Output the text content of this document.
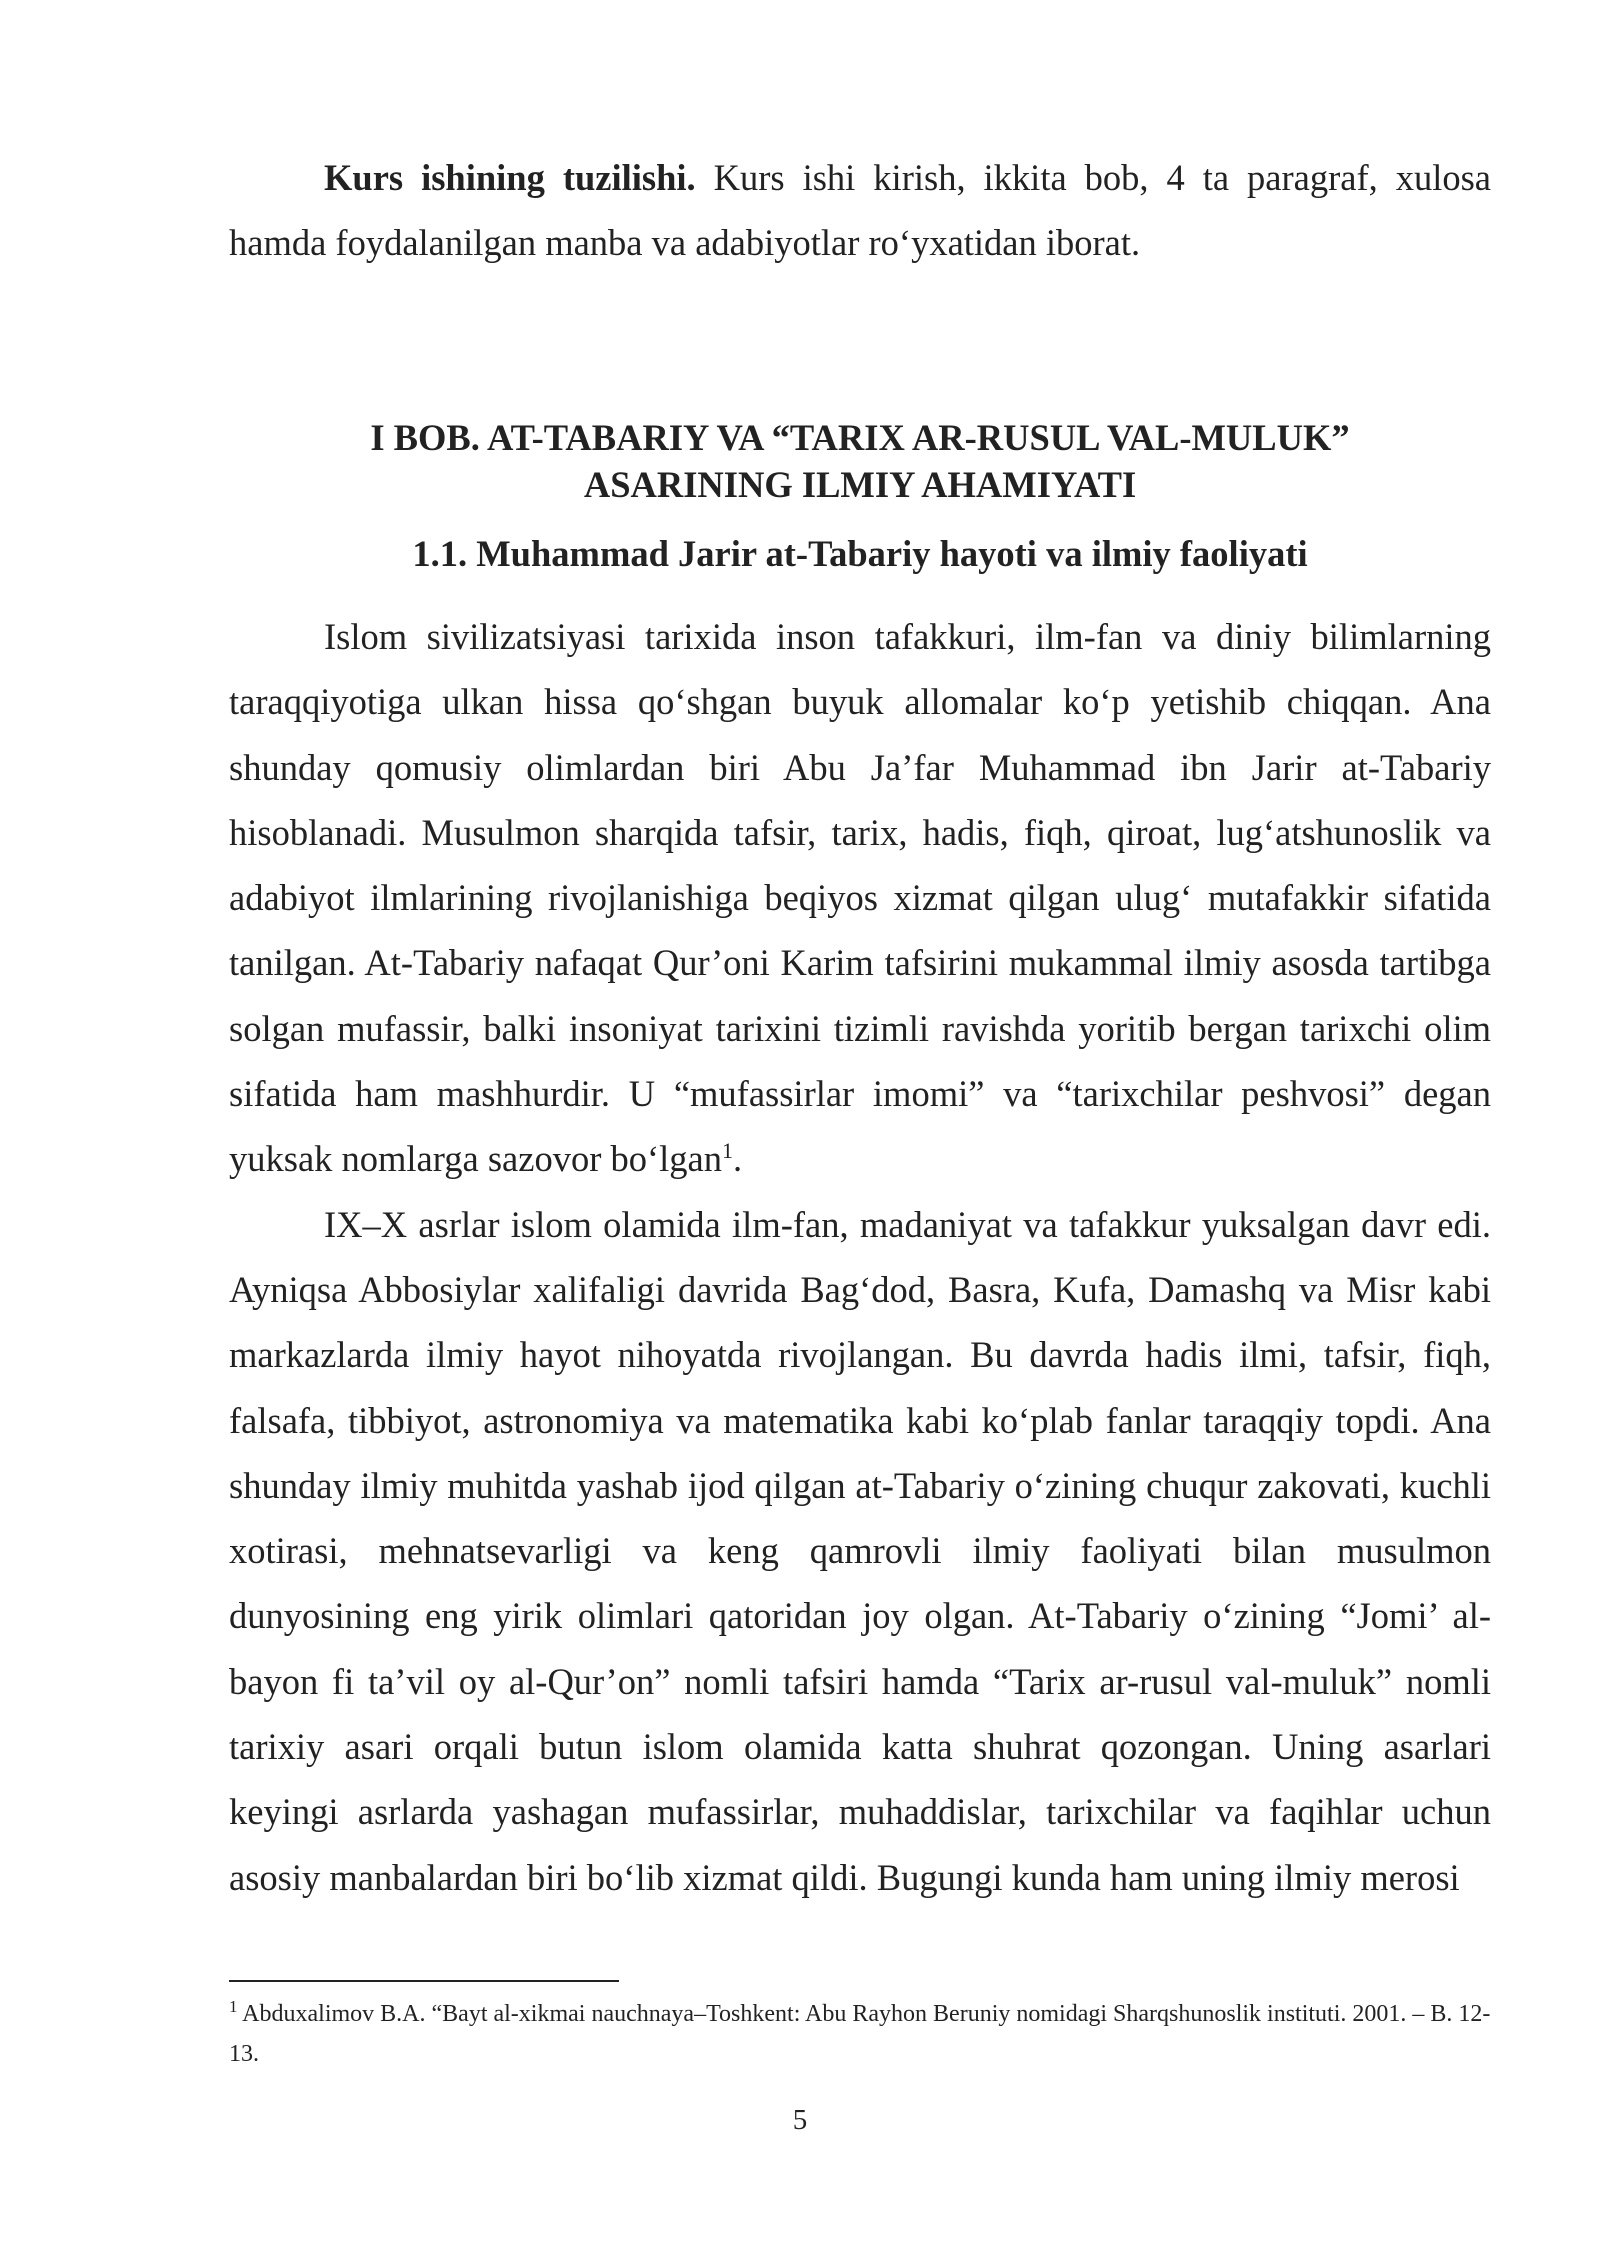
Kurs ishining tuzilishi. Kurs ishi kirish, ikkita bob, 4 ta paragraf, xulosa hamda foydalanilgan manba va adabiyotlar ro‘yxatidan iborat.

I BOB. AT-TABARIY VA “TARIX AR-RUSUL VAL-MULUK”
ASARINING ILMIY AHAMIYATI
1.1. Muhammad Jarir at-Tabariy hayoti va ilmiy faoliyati

Islom sivilizatsiyasi tarixida inson tafakkuri, ilm-fan va diniy bilimlarning taraqqiyotiga ulkan hissa qo‘shgan buyuk allomalar ko‘p yetishib chiqqan. Ana shunday qomusiy olimlardan biri Abu Ja’far Muhammad ibn Jarir at-Tabariy hisoblanadi. Musulmon sharqida tafsir, tarix, hadis, fiqh, qiroat, lug‘atshunoslik va adabiyot ilmlarining rivojlanishiga beqiyos xizmat qilgan ulug‘ mutafakkir sifatida tanilgan. At-Tabariy nafaqat Qur’oni Karim tafsirini mukammal ilmiy asosda tartibga solgan mufassir, balki insoniyat tarixini tizimli ravishda yoritib bergan tarixchi olim sifatida ham mashhurdir. U “mufassirlar imomi” va “tarixchilar peshvosi” degan yuksak nomlarga sazovor bo‘lgan$^1$.

IX–X asrlar islom olamida ilm-fan, madaniyat va tafakkur yuksalgan davr edi. Ayniqsa Abbosiylar xalifaligi davrida Bag‘dod, Basra, Kufa, Damashq va Misr kabi markazlarda ilmiy hayot nihoyatda rivojlangan. Bu davrda hadis ilmi, tafsir, fiqh, falsafa, tibbiyot, astronomiya va matematika kabi ko‘plab fanlar taraqqiy topdi. Ana shunday ilmiy muhitda yashab ijod qilgan at-Tabariy o‘zining chuqur zakovati, kuchli xotirasi, mehnatsevarligi va keng qamrovli ilmiy faoliyati bilan musulmon dunyosining eng yirik olimlari qatoridan joy olgan. At-Tabariy o‘zining “Jomi’ al-bayon fi ta’vil oy al-Qur’on” nomli tafsiri hamda “Tarix ar-rusul val-muluk” nomli tarixiy asari orqali butun islom olamida katta shuhrat qozongan. Uning asarlari keyingi asrlarda yashagan mufassirlar, muhaddislar, tarixchilar va faqihlar uchun asosiy manbalardan biri bo‘lib xizmat qildi. Bugungi kunda ham uning ilmiy merosi

$^1$ Abduxalimov B.A. “Bayt al-xikmai nauchnaya–Toshkent: Abu Rayhon Beruniy nomidagi Sharqshunoslik instituti. 2001. – B. 12-13.

5
